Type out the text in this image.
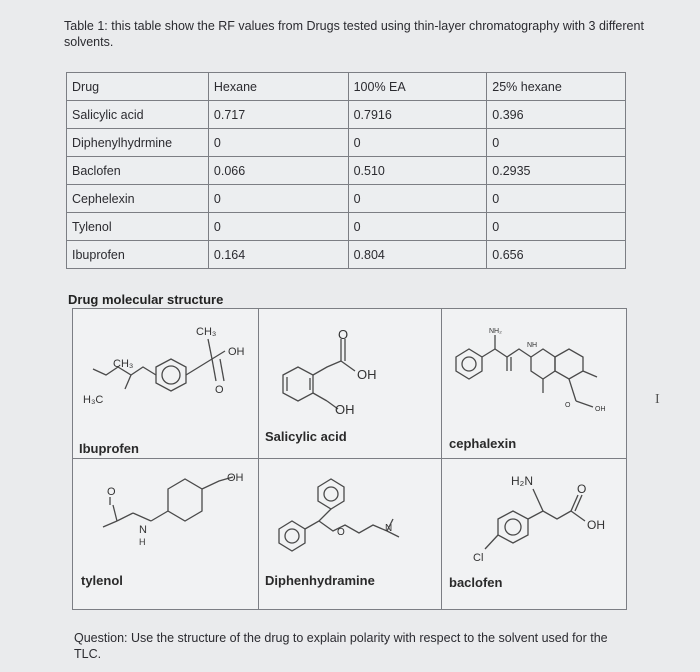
Table 1: this table show the RF values from Drugs tested using thin-layer chromatography with 3 different solvents.
Drug	Hexane	100% EA	25% hexane
Salicylic acid	0.717	0.7916	0.396
Diphenylhydrmine	0	0	0
Baclofen	0.066	0.510	0.2935
Cephelexin	0	0	0
Tylenol	0	0	0
Ibuprofen	0.164	0.804	0.656
Drug molecular structure
CH₃
CH₃
H₃C
OH
O
O
OH
OH
NH₂
NH
O
OH
OH
O
N
H
O	N
H₂N
O
OH
Cl
Ibuprofen
Salicylic acid	cephalexin
tylenol	Diphenhydramine	baclofen
I
Question: Use the structure of the drug to explain polarity with respect to the solvent used for the TLC.
